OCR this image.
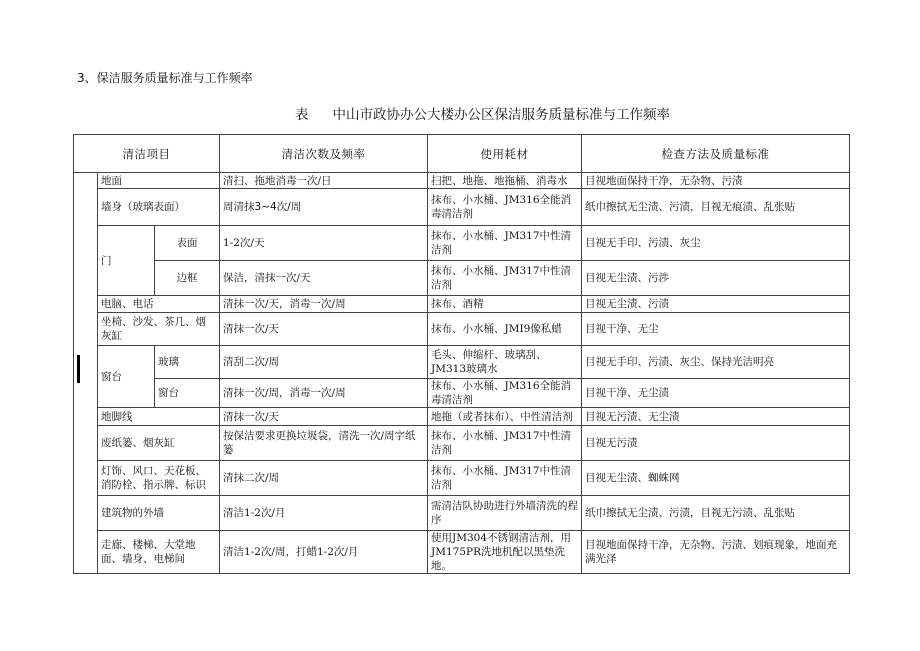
3、保洁服务质量标准与工作频率
表 中山市政协办公大楼办公区保洁服务质量标准与工作频率
清洁项目			清洁次数及频率	使用耗材	检查方法及质量标准
	地面		清扫、拖地消毒一次/日	扫把、地拖、地拖桶、消毒水	目视地面保持干净，无杂物、污渍
	墙身（玻璃表面）		周清抹3~4次/周	抹布、小水桶、JM316全能消毒清洁剂	纸巾擦拭无尘渍、污渍，目视无痕渍、乱张贴
	门	表面	1-2次/天	抹布、小水桶、JM317中性清洁剂	目视无手印、污渍、灰尘
		边框	保洁，清抹一次/天	抹布、小水桶、JM317中性清洁剂	目视无尘渍、污渉
	电脑、电话		清抹一次/天，消毒一次/周	抹布、酒精	目视无尘渍、污渍
	坐椅、沙发、茶几、烟灰缸		清抹一次/天	抹布、小水桶、JMI9像私蜡	目视干净、无尘
	窗台	玻璃	清刮二次/周	毛头、伸缩杆、玻璃刮、JM313玻璃水	目视无手印、污渍、灰尘、保持光洁明亮
		窗台	清抹一次/周，消毒一次/周	抹布、小水桶、JM316全能消毒清洁剂	目视干净、无尘渍
	地脚线		清抹一次/天	地拖（或者抹布）、中性清洁剂	目视无污渍、无尘渍
	废纸篓、烟灰缸		按保洁要求更换垃圾袋，清洗一次/周字纸篓	抹布、小水桶、JM317中性清洁剂	目视无污渍
	灯饰、风口、天花板、消防栓、指示牌、标识		清抹二次/周	抹布、小水桶、JM317中性清洁剂	目视无尘渍、蜘蛛网
	建筑物的外墙		清洁1-2次/月	需清洁队协助进行外墙清洗的程序	纸巾擦拭无尘渍、污渍，目视无污渍、乱张贴
	走廊、楼梯、大堂地面、墙身、电梯间		清洁1-2次/周，打蜡1-2次/月	使用JM304不锈钢清洁剂，用JM175PR洗地机配以黑垫洗地。	目视地面保持干净，无杂物、污渍、划痕现象，地面充满光泽
